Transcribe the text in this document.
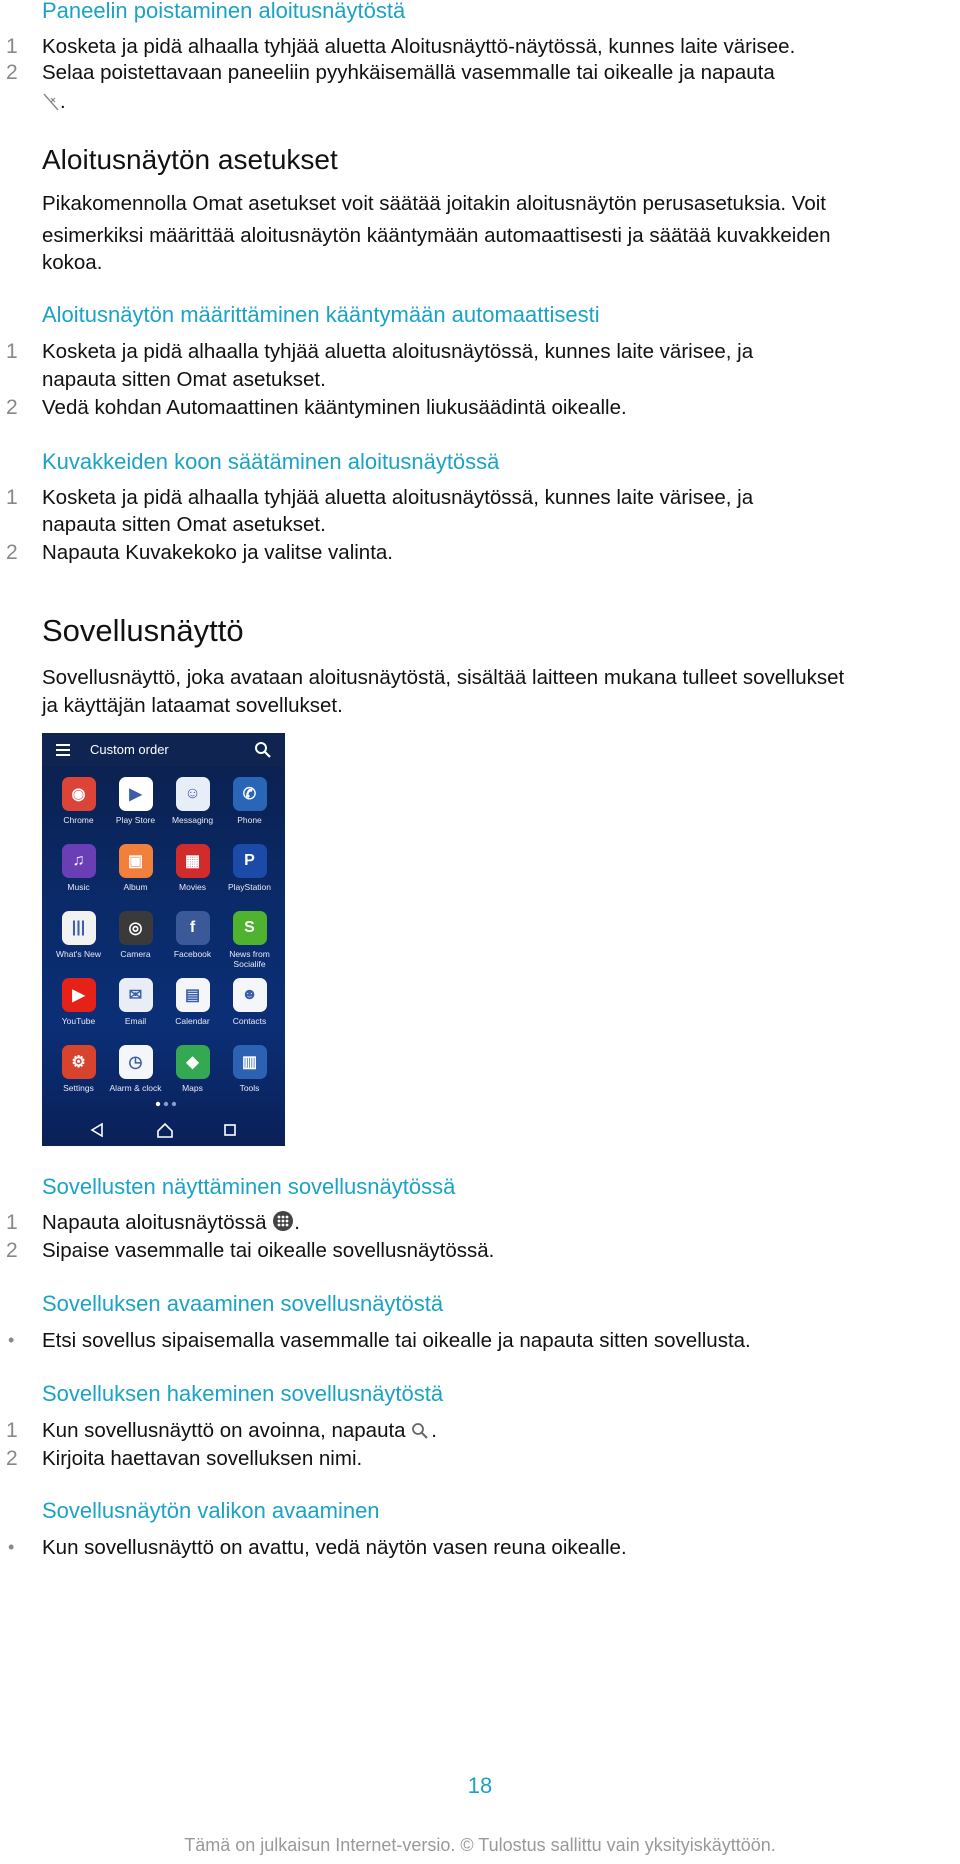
Paneelin poistaminen aloitusnäytöstä
1 Kosketa ja pidä alhaalla tyhjää aluetta Aloitusnäyttö-näytössä, kunnes laite värisee.
2 Selaa poistettavaan paneeliin pyyhkäisemällä vasemmalle tai oikealle ja napauta
.
Aloitusnäytön asetukset
Pikakomennolla Omat asetukset voit säätää joitakin aloitusnäytön perusasetuksia. Voit
esimerkiksi määrittää aloitusnäytön kääntymään automaattisesti ja säätää kuvakkeiden
kokoa.
Aloitusnäytön määrittäminen kääntymään automaattisesti
1 Kosketa ja pidä alhaalla tyhjää aluetta aloitusnäytössä, kunnes laite värisee, ja
napauta sitten Omat asetukset.
2 Vedä kohdan Automaattinen kääntyminen liukusäädintä oikealle.
Kuvakkeiden koon säätäminen aloitusnäytössä
1 Kosketa ja pidä alhaalla tyhjää aluetta aloitusnäytössä, kunnes laite värisee, ja
napauta sitten Omat asetukset.
2 Napauta Kuvakekoko ja valitse valinta.
Sovellusnäyttö
Sovellusnäyttö, joka avataan aloitusnäytöstä, sisältää laitteen mukana tulleet sovellukset
ja käyttäjän lataamat sovellukset.
Custom order
◉
Chrome
▶
Play Store
☺
Messaging
✆
Phone
♫
Music
▣
Album
▦
Movies
P
PlayStation
|||
What's New
◎
Camera
f
Facebook
S
News from Socialife
▶
YouTube
✉
Email
▤
Calendar
☻
Contacts
⚙
Settings
◷
Alarm & clock
◆
Maps
▥
Tools
Sovellusten näyttäminen sovellusnäytössä
1 Napauta aloitusnäytössä .
2 Sipaise vasemmalle tai oikealle sovellusnäytössä.
Sovelluksen avaaminen sovellusnäytöstä
• Etsi sovellus sipaisemalla vasemmalle tai oikealle ja napauta sitten sovellusta.
Sovelluksen hakeminen sovellusnäytöstä
1 Kun sovellusnäyttö on avoinna, napauta .
2 Kirjoita haettavan sovelluksen nimi.
Sovellusnäytön valikon avaaminen
• Kun sovellusnäyttö on avattu, vedä näytön vasen reuna oikealle.
18
Tämä on julkaisun Internet-versio. © Tulostus sallittu vain yksityiskäyttöön.
